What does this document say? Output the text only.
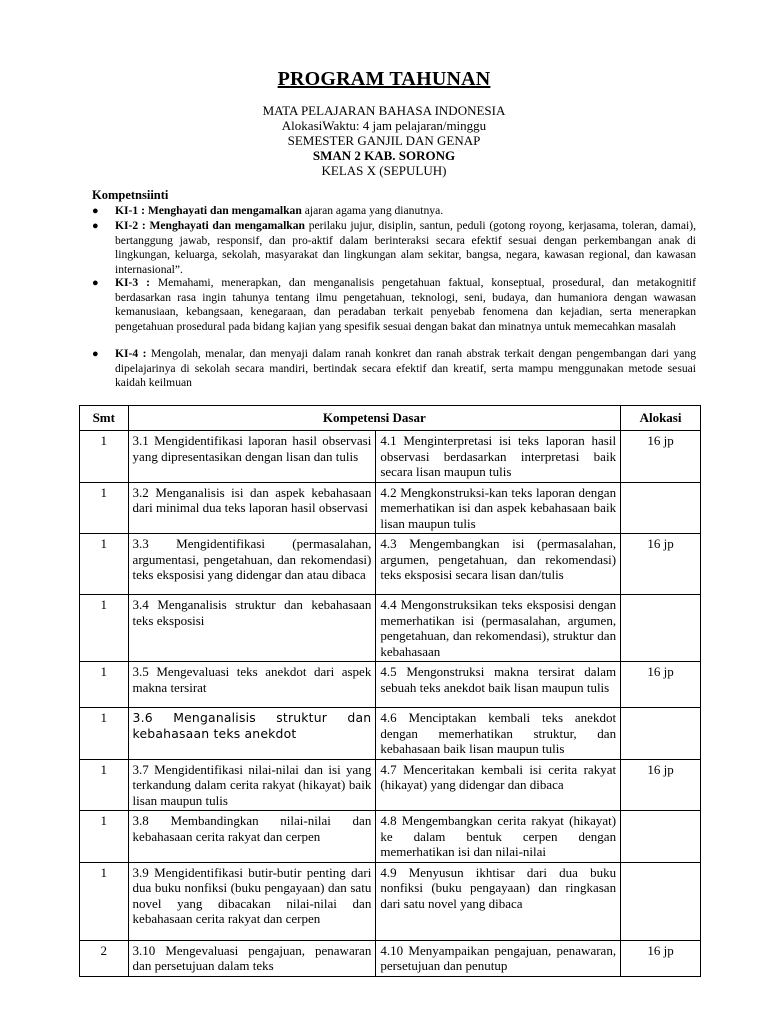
PROGRAM TAHUNAN
MATA PELAJARAN BAHASA INDONESIA
AlokasiWaktu: 4 jam pelajaran/minggu
SEMESTER GANJIL DAN GENAP
SMAN 2 KAB. SORONG
KELAS X (SEPULUH)
Kompetnsiinti
● KI-1 : Menghayati dan mengamalkan ajaran agama yang dianutnya.
● KI-2 : Menghayati dan mengamalkan perilaku jujur, disiplin, santun, peduli (gotong royong, kerjasama, toleran, damai), bertanggung jawab, responsif, dan pro-aktif dalam berinteraksi secara efektif sesuai dengan perkembangan anak di lingkungan, keluarga, sekolah, masyarakat dan lingkungan alam sekitar, bangsa, negara, kawasan regional, dan kawasan internasional”.
● KI-3 : Memahami, menerapkan, dan menganalisis pengetahuan faktual, konseptual, prosedural, dan metakognitif berdasarkan rasa ingin tahunya tentang ilmu pengetahuan, teknologi, seni, budaya, dan humaniora dengan wawasan kemanusiaan, kebangsaan, kenegaraan, dan peradaban terkait penyebab fenomena dan kejadian, serta menerapkan pengetahuan prosedural pada bidang kajian yang spesifik sesuai dengan bakat dan minatnya untuk memecahkan masalah
● KI-4 : Mengolah, menalar, dan menyaji dalam ranah konkret dan ranah abstrak terkait dengan pengembangan dari yang dipelajarinya di sekolah secara mandiri, bertindak secara efektif dan kreatif, serta mampu menggunakan metode sesuai kaidah keilmuan
Smt	Kompetensi Dasar		Alokasi
1	3.1 Mengidentifikasi laporan hasil observasi yang dipresentasikan dengan lisan dan tulis	4.1 Menginterpretasi isi teks laporan hasil observasi berdasarkan interpretasi baik secara lisan maupun tulis	16 jp
1	3.2 Menganalisis isi dan aspek kebahasaan dari minimal dua teks laporan hasil observasi	4.2 Mengkonstruksi-kan teks laporan dengan memerhatikan isi dan aspek kebahasaan baik lisan maupun tulis	
1	3.3 Mengidentifikasi (permasalahan, argumentasi, pengetahuan, dan rekomendasi) teks eksposisi yang didengar dan atau dibaca	4.3 Mengembangkan isi (permasalahan, argumen, pengetahuan, dan rekomendasi) teks eksposisi secara lisan dan/tulis	16 jp
1	3.4 Menganalisis struktur dan kebahasaan teks eksposisi	4.4 Mengonstruksikan teks eksposisi dengan memerhatikan isi (permasalahan, argumen, pengetahuan, dan rekomendasi), struktur dan kebahasaan	
1	3.5 Mengevaluasi teks anekdot dari aspek makna tersirat	4.5 Mengonstruksi makna tersirat dalam sebuah teks anekdot baik lisan maupun tulis	16 jp
1	3.6 Menganalisis struktur dan kebahasaan teks anekdot	4.6 Menciptakan kembali teks anekdot dengan memerhatikan struktur, dan kebahasaan baik lisan maupun tulis	
1	3.7 Mengidentifikasi nilai-nilai dan isi yang terkandung dalam cerita rakyat (hikayat) baik lisan maupun tulis	4.7 Menceritakan kembali isi cerita rakyat (hikayat) yang didengar dan dibaca	16 jp
1	3.8 Membandingkan nilai-nilai dan kebahasaan cerita rakyat dan cerpen	4.8 Mengembangkan cerita rakyat (hikayat) ke dalam bentuk cerpen dengan memerhatikan isi dan nilai-nilai	
1	3.9 Mengidentifikasi butir-butir penting dari dua buku nonfiksi (buku pengayaan) dan satu novel yang dibacakan nilai-nilai dan kebahasaan cerita rakyat dan cerpen	4.9 Menyusun ikhtisar dari dua buku nonfiksi (buku pengayaan) dan ringkasan dari satu novel yang dibaca	
2	3.10 Mengevaluasi pengajuan, penawaran dan persetujuan dalam teks	4.10 Menyampaikan pengajuan, penawaran, persetujuan dan penutup	16 jp
